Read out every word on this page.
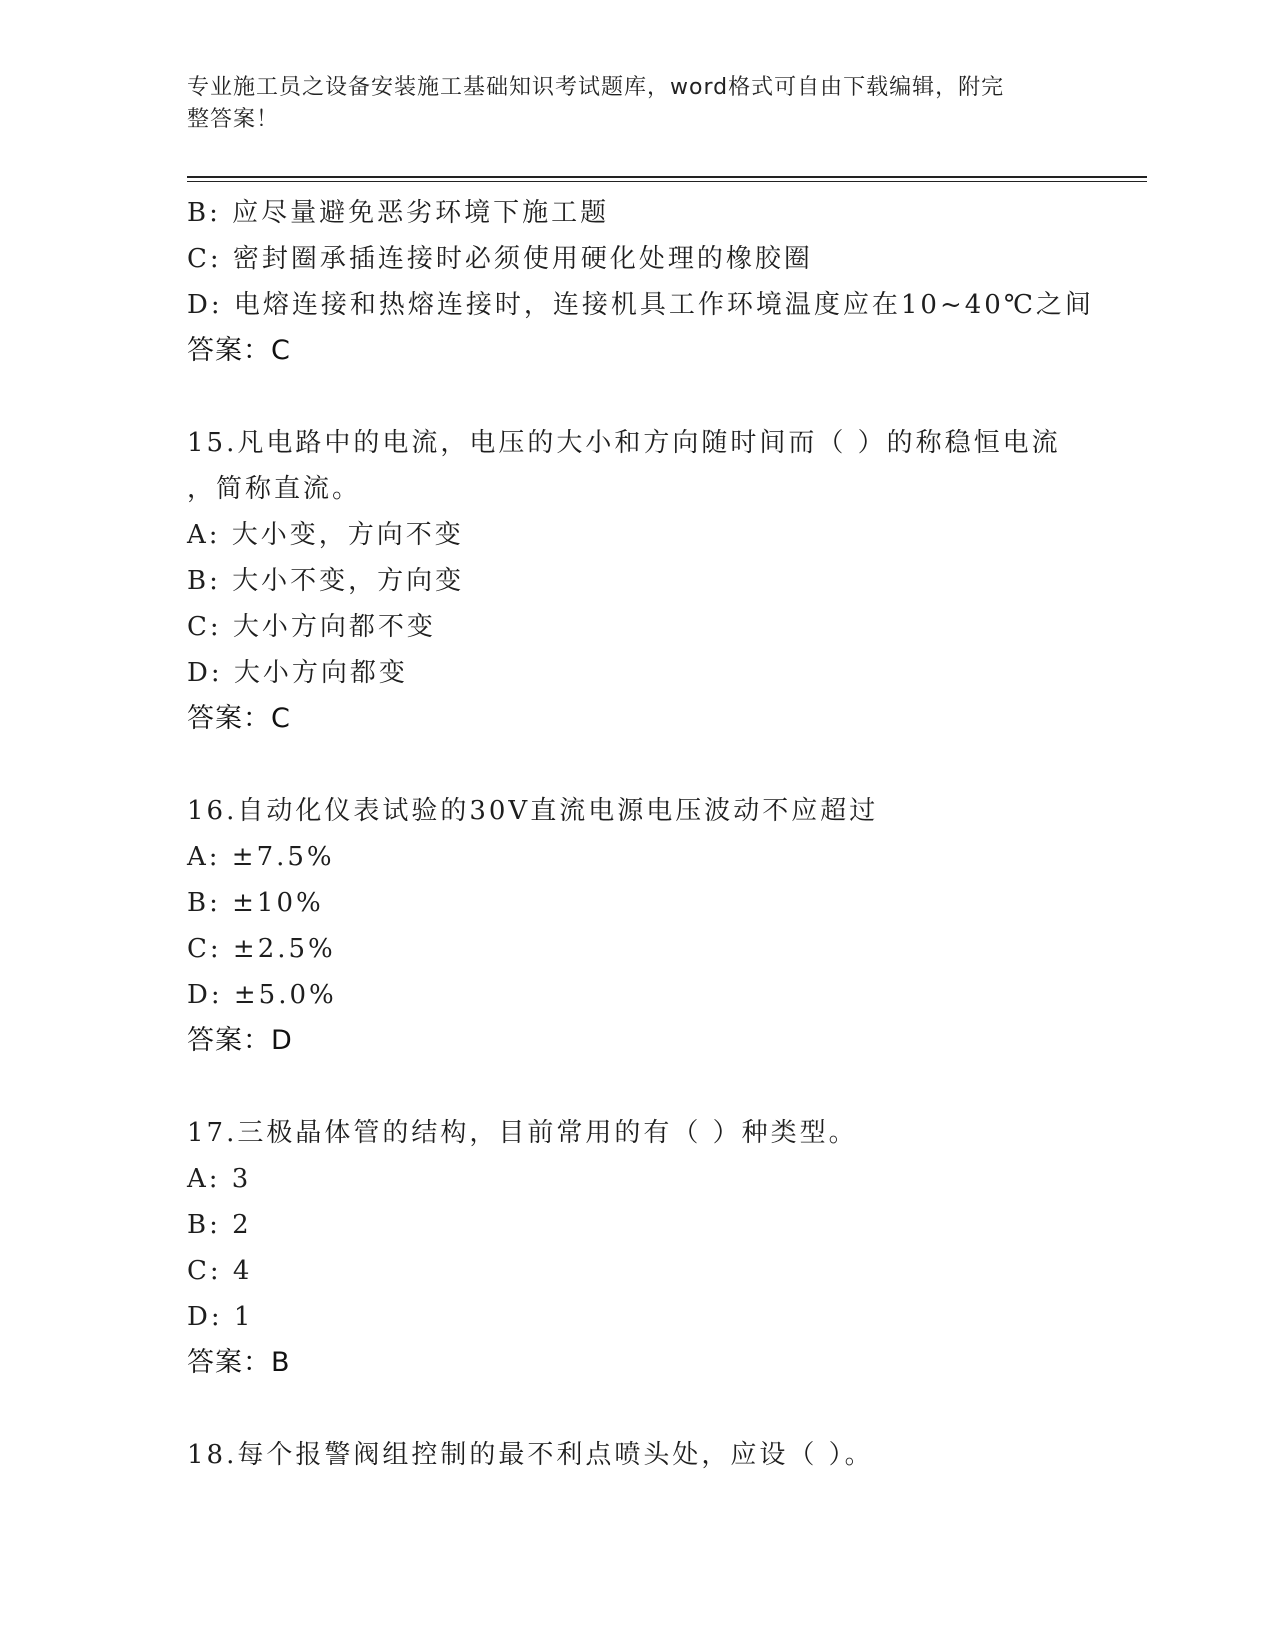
专业施工员之设备安装施工基础知识考试题库，word格式可自由下载编辑，附完
整答案！
B: 应尽量避免恶劣环境下施工题
C: 密封圈承插连接时必须使用硬化处理的橡胶圈
D: 电熔连接和热熔连接时，连接机具工作环境温度应在10~40℃之间
答案：C
15.凡电路中的电流，电压的大小和方向随时间而（ ）的称稳恒电流
，简称直流。
A: 大小变，方向不变
B: 大小不变，方向变
C: 大小方向都不变
D: 大小方向都变
答案：C
16.自动化仪表试验的30V直流电源电压波动不应超过
A: ±7.5%
B: ±10%
C: ±2.5%
D: ±5.0%
答案：D
17.三极晶体管的结构，目前常用的有（ ）种类型。
A: 3
B: 2
C: 4
D: 1
答案：B
18.每个报警阀组控制的最不利点喷头处，应设（ ）。
